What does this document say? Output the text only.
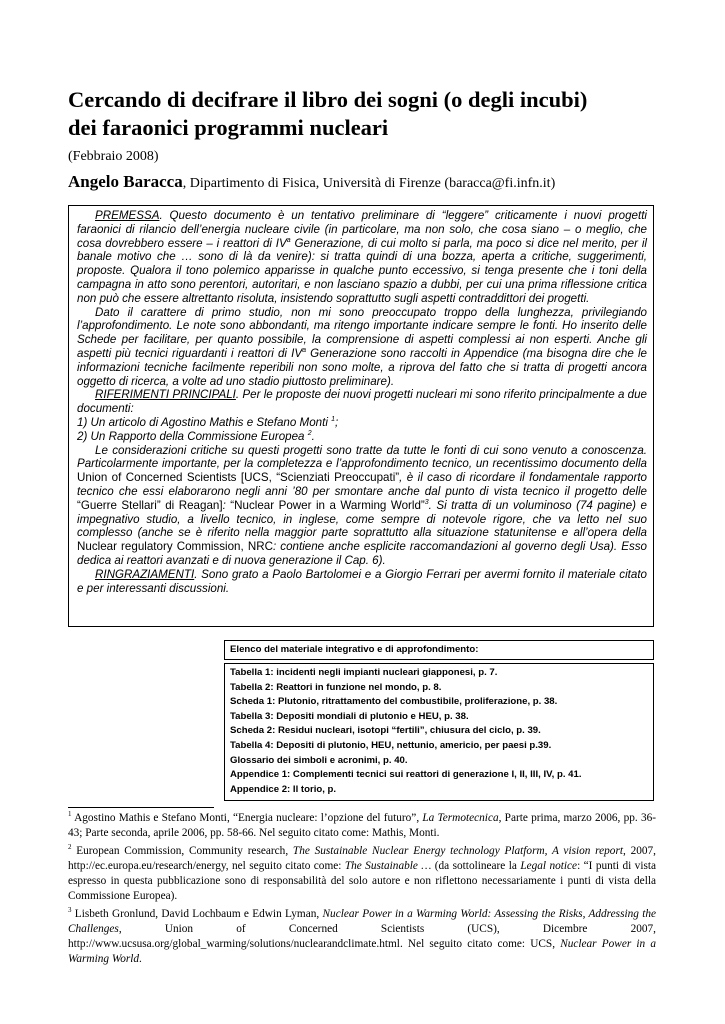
Cercando di decifrare il libro dei sogni (o degli incubi)
dei faraonici programmi nucleari
(Febbraio 2008)
Angelo Baracca, Dipartimento di Fisica, Università di Firenze (baracca@fi.infn.it)

PREMESSA. Questo documento è un tentativo preliminare di “leggere” criticamente i nuovi progetti faraonici di rilancio dell’energia nucleare civile (in particolare, ma non solo, che cosa siano – o meglio, che cosa dovrebbero essere – i reattori di $IV^a$ Generazione, di cui molto si parla, ma poco si dice nel merito, per il banale motivo che … sono di là da venire): si tratta quindi di una bozza, aperta a critiche, suggerimenti, proposte. Qualora il tono polemico apparisse in qualche punto eccessivo, si tenga presente che i toni della campagna in atto sono perentori, autoritari, e non lasciano spazio a dubbi, per cui una prima riflessione critica non può che essere altrettanto risoluta, insistendo soprattutto sugli aspetti contraddittori dei progetti.

Dato il carattere di primo studio, non mi sono preoccupato troppo della lunghezza, privilegiando l’approfondimento. Le note sono abbondanti, ma ritengo importante indicare sempre le fonti. Ho inserito delle Schede per facilitare, per quanto possibile, la comprensione di aspetti complessi ai non esperti. Anche gli aspetti più tecnici riguardanti i reattori di $IV^a$ Generazione sono raccolti in Appendice (ma bisogna dire che le informazioni tecniche facilmente reperibili non sono molte, a riprova del fatto che si tratta di progetti ancora oggetto di ricerca, a volte ad uno stadio piuttosto preliminare).

RIFERIMENTI PRINCIPALI. Per le proposte dei nuovi progetti nucleari mi sono riferito principalmente a due documenti:

1) Un articolo di Agostino Mathis e Stefano Monti $^1$;

2) Un Rapporto della Commissione Europea $^2$.

Le considerazioni critiche su questi progetti sono tratte da tutte le fonti di cui sono venuto a conoscenza. Particolarmente importante, per la completezza e l’approfondimento tecnico, un recentissimo documento della Union of Concerned Scientists [UCS, “Scienziati Preoccupati”, è il caso di ricordare il fondamentale rapporto tecnico che essi elaborarono negli anni ’80 per smontare anche dal punto di vista tecnico il progetto delle “Guerre Stellari” di Reagan]: “Nuclear Power in a Warming World”$^3$. Si tratta di un voluminoso (74 pagine) e impegnativo studio, a livello tecnico, in inglese, come sempre di notevole rigore, che va letto nel suo complesso (anche se è riferito nella maggior parte soprattutto alla situazione statunitense e all’opera della Nuclear regulatory Commission, NRC: contiene anche esplicite raccomandazioni al governo degli Usa). Esso dedica ai reattori avanzati e di nuova generazione il Cap. 6).

RINGRAZIAMENTI. Sono grato a Paolo Bartolomei e a Giorgio Ferrari per avermi fornito il materiale citato e per interessanti discussioni.

Elenco del materiale integrativo e di approfondimento:
Tabella 1: incidenti negli impianti nucleari giapponesi, p. 7.
Tabella 2: Reattori in funzione nel mondo, p. 8.
Scheda 1: Plutonio, ritrattamento del combustibile, proliferazione, p. 38.
Tabella 3: Depositi mondiali di plutonio e HEU, p. 38.
Scheda 2: Residui nucleari, isotopi “fertili”, chiusura del ciclo, p. 39.
Tabella 4: Depositi di plutonio, HEU, nettunio, americio, per paesi p.39.
Glossario dei simboli e acronimi, p. 40.
Appendice 1: Complementi tecnici sui reattori di generazione I, II, III, IV, p. 41.
Appendice 2: Il torio, p.

$^1$ Agostino Mathis e Stefano Monti, “Energia nucleare: l’opzione del futuro”, La Termotecnica, Parte prima, marzo 2006, pp. 36-43; Parte seconda, aprile 2006, pp. 58-66. Nel seguito citato come: Mathis, Monti.

$^2$ European Commission, Community research, The Sustainable Nuclear Energy technology Platform, A vision report, 2007, http://ec.europa.eu/research/energy, nel seguito citato come: The Sustainable … (da sottolineare la Legal notice: “I punti di vista espresso in questa pubblicazione sono di responsabilità del solo autore e non riflettono necessariamente i punti di vista della Commissione Europea).

$^3$ Lisbeth Gronlund, David Lochbaum e Edwin Lyman, Nuclear Power in a Warming World: Assessing the Risks, Addressing the Challenges, Union of Concerned Scientists (UCS), Dicembre 2007, http://www.ucsusa.org/global_warming/solutions/nuclearandclimate.html. Nel seguito citato come: UCS, Nuclear Power in a Warming World.
